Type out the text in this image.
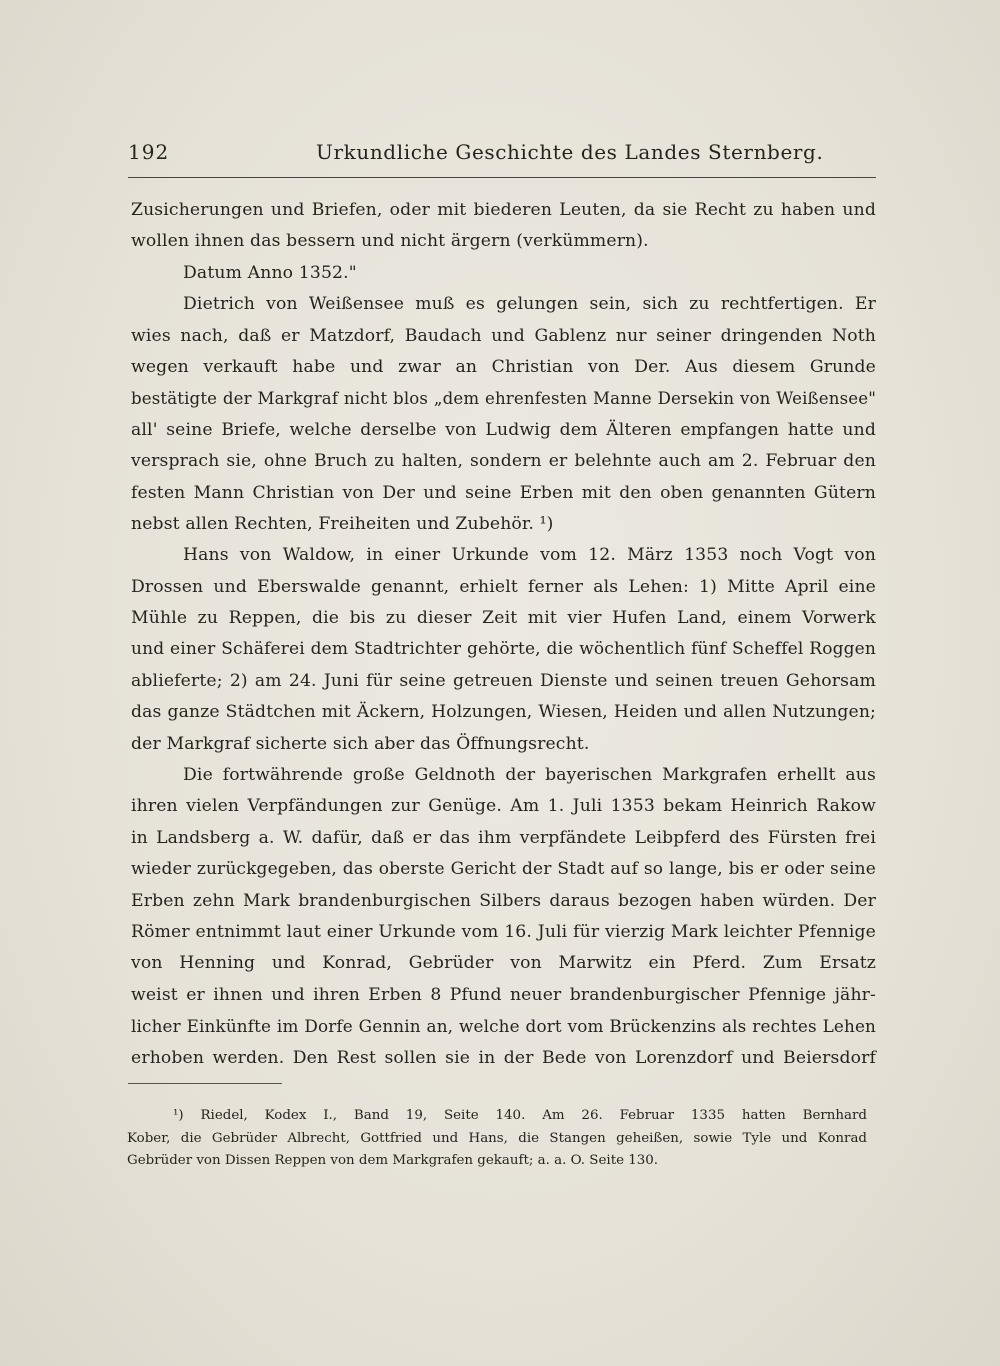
192	Urkundliche Geschichte des Landes Sternberg.
Zusicherungen und Briefen, oder mit biederen Leuten, da sie Recht zu haben und
wollen ihnen das bessern und nicht ärgern (verkümmern).
Datum Anno 1352."
Dietrich von Weißensee muß es gelungen sein, sich zu rechtfertigen. Er
wies nach, daß er Matzdorf, Baudach und Gablenz nur seiner dringenden Noth
wegen verkauft habe und zwar an Christian von Der. Aus diesem Grunde
bestätigte der Markgraf nicht blos „dem ehrenfesten Manne Dersekin von Weißensee"
all' seine Briefe, welche derselbe von Ludwig dem Älteren empfangen hatte und
versprach sie, ohne Bruch zu halten, sondern er belehnte auch am 2. Februar den
festen Mann Christian von Der und seine Erben mit den oben genannten Gütern
nebst allen Rechten, Freiheiten und Zubehör. ¹)
Hans von Waldow, in einer Urkunde vom 12. März 1353 noch Vogt von
Drossen und Eberswalde genannt, erhielt ferner als Lehen: 1) Mitte April eine
Mühle zu Reppen, die bis zu dieser Zeit mit vier Hufen Land, einem Vorwerk
und einer Schäferei dem Stadtrichter gehörte, die wöchentlich fünf Scheffel Roggen
ablieferte; 2) am 24. Juni für seine getreuen Dienste und seinen treuen Gehorsam
das ganze Städtchen mit Äckern, Holzungen, Wiesen, Heiden und allen Nutzungen;
der Markgraf sicherte sich aber das Öffnungsrecht.
Die fortwährende große Geldnoth der bayerischen Markgrafen erhellt aus
ihren vielen Verpfändungen zur Genüge. Am 1. Juli 1353 bekam Heinrich Rakow
in Landsberg a. W. dafür, daß er das ihm verpfändete Leibpferd des Fürsten frei
wieder zurückgegeben, das oberste Gericht der Stadt auf so lange, bis er oder seine
Erben zehn Mark brandenburgischen Silbers daraus bezogen haben würden. Der
Römer entnimmt laut einer Urkunde vom 16. Juli für vierzig Mark leichter Pfennige
von Henning und Konrad, Gebrüder von Marwitz ein Pferd. Zum Ersatz
weist er ihnen und ihren Erben 8 Pfund neuer brandenburgischer Pfennige jähr-
licher Einkünfte im Dorfe Gennin an, welche dort vom Brückenzins als rechtes Lehen
erhoben werden. Den Rest sollen sie in der Bede von Lorenzdorf und Beiersdorf
¹) Riedel, Kodex I., Band 19, Seite 140. Am 26. Februar 1335 hatten Bernhard
Kober, die Gebrüder Albrecht, Gottfried und Hans, die Stangen geheißen, sowie Tyle und Konrad
Gebrüder von Dissen Reppen von dem Markgrafen gekauft; a. a. O. Seite 130.
